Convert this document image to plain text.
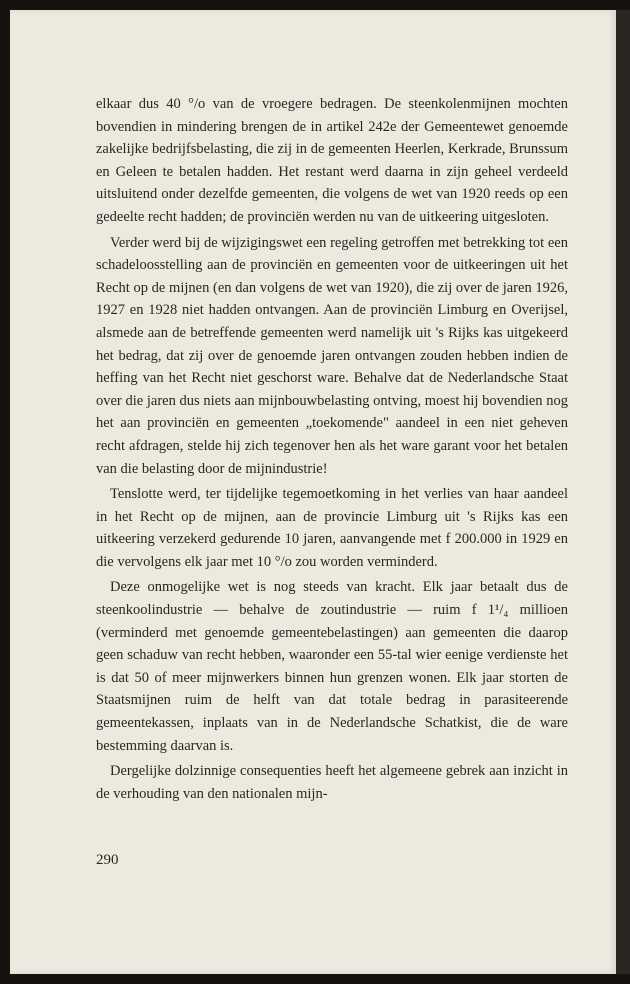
elkaar dus 40 °/o van de vroegere bedragen. De steenkolenmijnen mochten bovendien in mindering brengen de in artikel 242e der Gemeentewet genoemde zakelijke bedrijfsbelasting, die zij in de gemeenten Heerlen, Kerkrade, Brunssum en Geleen te betalen hadden. Het restant werd daarna in zijn geheel verdeeld uitsluitend onder dezelfde gemeenten, die volgens de wet van 1920 reeds op een gedeelte recht hadden; de provinciën werden nu van de uitkeering uitgesloten.

Verder werd bij de wijzigingswet een regeling getroffen met betrekking tot een schadeloosstelling aan de provinciën en gemeenten voor de uitkeeringen uit het Recht op de mijnen (en dan volgens de wet van 1920), die zij over de jaren 1926, 1927 en 1928 niet hadden ontvangen. Aan de provinciën Limburg en Overijsel, alsmede aan de betreffende gemeenten werd namelijk uit 's Rijks kas uitgekeerd het bedrag, dat zij over de genoemde jaren ontvangen zouden hebben indien de heffing van het Recht niet geschorst ware. Behalve dat de Nederlandsche Staat over die jaren dus niets aan mijnbouwbelasting ontving, moest hij bovendien nog het aan provinciën en gemeenten „toekomende" aandeel in een niet geheven recht afdragen, stelde hij zich tegenover hen als het ware garant voor het betalen van die belasting door de mijnindustrie!

Tenslotte werd, ter tijdelijke tegemoetkoming in het verlies van haar aandeel in het Recht op de mijnen, aan de provincie Limburg uit 's Rijks kas een uitkeering verzekerd gedurende 10 jaren, aanvangende met f 200.000 in 1929 en die vervolgens elk jaar met 10 °/o zou worden verminderd.

Deze onmogelijke wet is nog steeds van kracht. Elk jaar betaalt dus de steenkoolindustrie — behalve de zoutindustrie — ruim f 1¹/₄ millioen (verminderd met genoemde gemeentebelastingen) aan gemeenten die daarop geen schaduw van recht hebben, waaronder een 55-tal wier eenige verdienste het is dat 50 of meer mijnwerkers binnen hun grenzen wonen. Elk jaar storten de Staatsmijnen ruim de helft van dat totale bedrag in parasiteerende gemeentekassen, inplaats van in de Nederlandsche Schatkist, die de ware bestemming daarvan is.

Dergelijke dolzinnige consequenties heeft het algemeene gebrek aan inzicht in de verhouding van den nationalen mijn-

290
